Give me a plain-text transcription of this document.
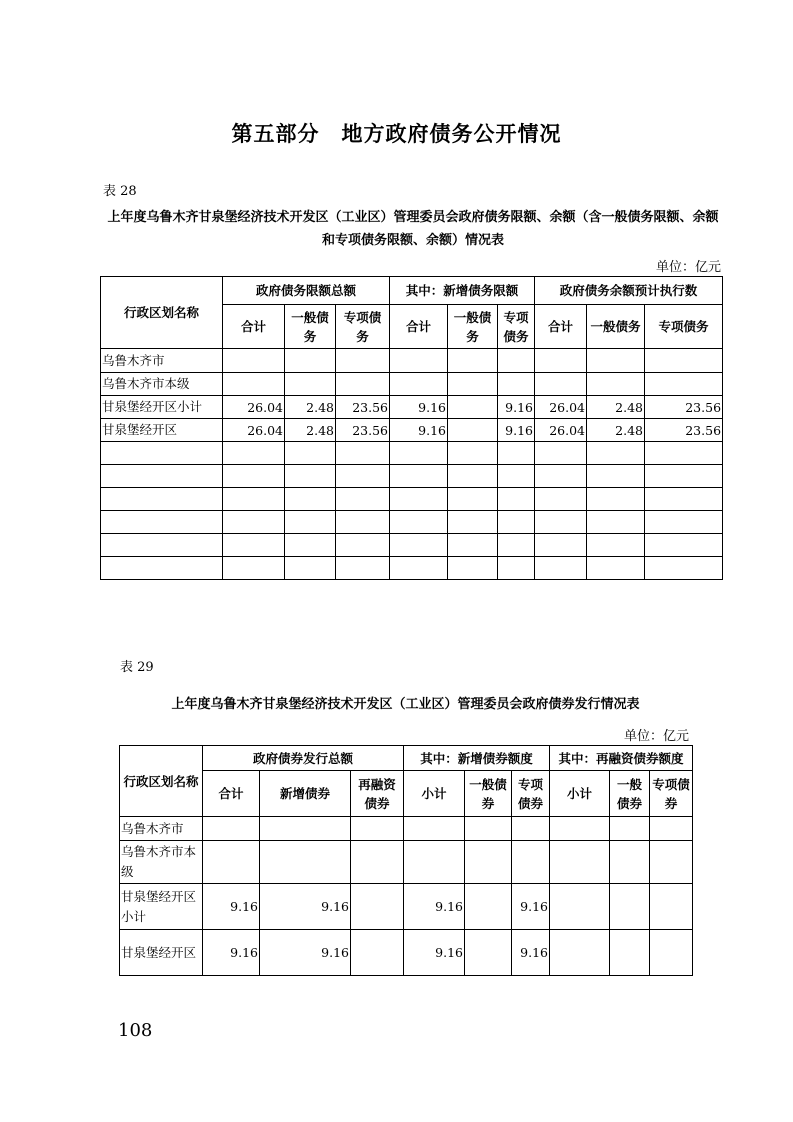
第五部分　地方政府债务公开情况
表 28
上年度乌鲁木齐甘泉堡经济技术开发区（工业区）管理委员会政府债务限额、余额（含一般债务限额、余额和专项债务限额、余额）情况表
单位：亿元
行政区划名称	政府债务限额总额			其中：新增债务限额			政府债务余额预计执行数		
	合计	一般债务	专项债务	合计	一般债务	专项债务	合计	一般债务	专项债务
乌鲁木齐市									
乌鲁木齐市本级									
甘泉堡经开区小计	26.04	2.48	23.56	9.16		9.16	26.04	2.48	23.56
甘泉堡经开区	26.04	2.48	23.56	9.16		9.16	26.04	2.48	23.56

表 29
上年度乌鲁木齐甘泉堡经济技术开发区（工业区）管理委员会政府债券发行情况表
单位：亿元
行政区划名称	政府债券发行总额			其中：新增债券额度			其中：再融资债券额度		
	合计	新增债券	再融资债券	小计	一般债券	专项债券	小计	一般债券	专项债券
乌鲁木齐市									
乌鲁木齐市本级									
甘泉堡经开区小计	9.16	9.16		9.16		9.16			
甘泉堡经开区	9.16	9.16		9.16		9.16			
108
